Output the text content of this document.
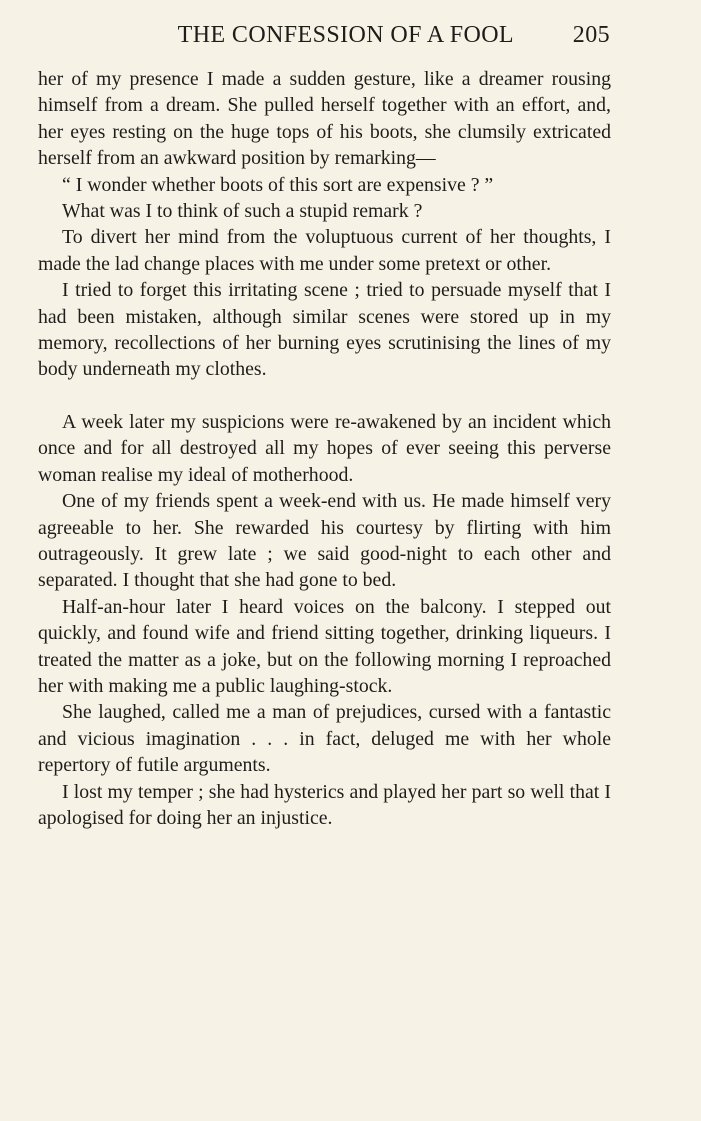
THE CONFESSION OF A FOOL 205

her of my presence I made a sudden gesture, like a dreamer rousing himself from a dream. She pulled herself together with an effort, and, her eyes resting on the huge tops of his boots, she clumsily extricated herself from an awkward position by remarking—

“ I wonder whether boots of this sort are expensive ? ”

What was I to think of such a stupid remark ?

To divert her mind from the voluptuous current of her thoughts, I made the lad change places with me under some pretext or other.

I tried to forget this irritating scene ; tried to persuade myself that I had been mistaken, although similar scenes were stored up in my memory, recollections of her burning eyes scrutinising the lines of my body underneath my clothes.

A week later my suspicions were re-awakened by an incident which once and for all destroyed all my hopes of ever seeing this perverse woman realise my ideal of motherhood.

One of my friends spent a week-end with us. He made himself very agreeable to her. She rewarded his courtesy by flirting with him outrageously. It grew late ; we said good-night to each other and separated. I thought that she had gone to bed.

Half-an-hour later I heard voices on the balcony. I stepped out quickly, and found wife and friend sitting together, drinking liqueurs. I treated the matter as a joke, but on the following morning I reproached her with making me a public laughing-stock.

She laughed, called me a man of prejudices, cursed with a fantastic and vicious imagination . . . in fact, deluged me with her whole repertory of futile arguments.

I lost my temper ; she had hysterics and played her part so well that I apologised for doing her an injustice.
